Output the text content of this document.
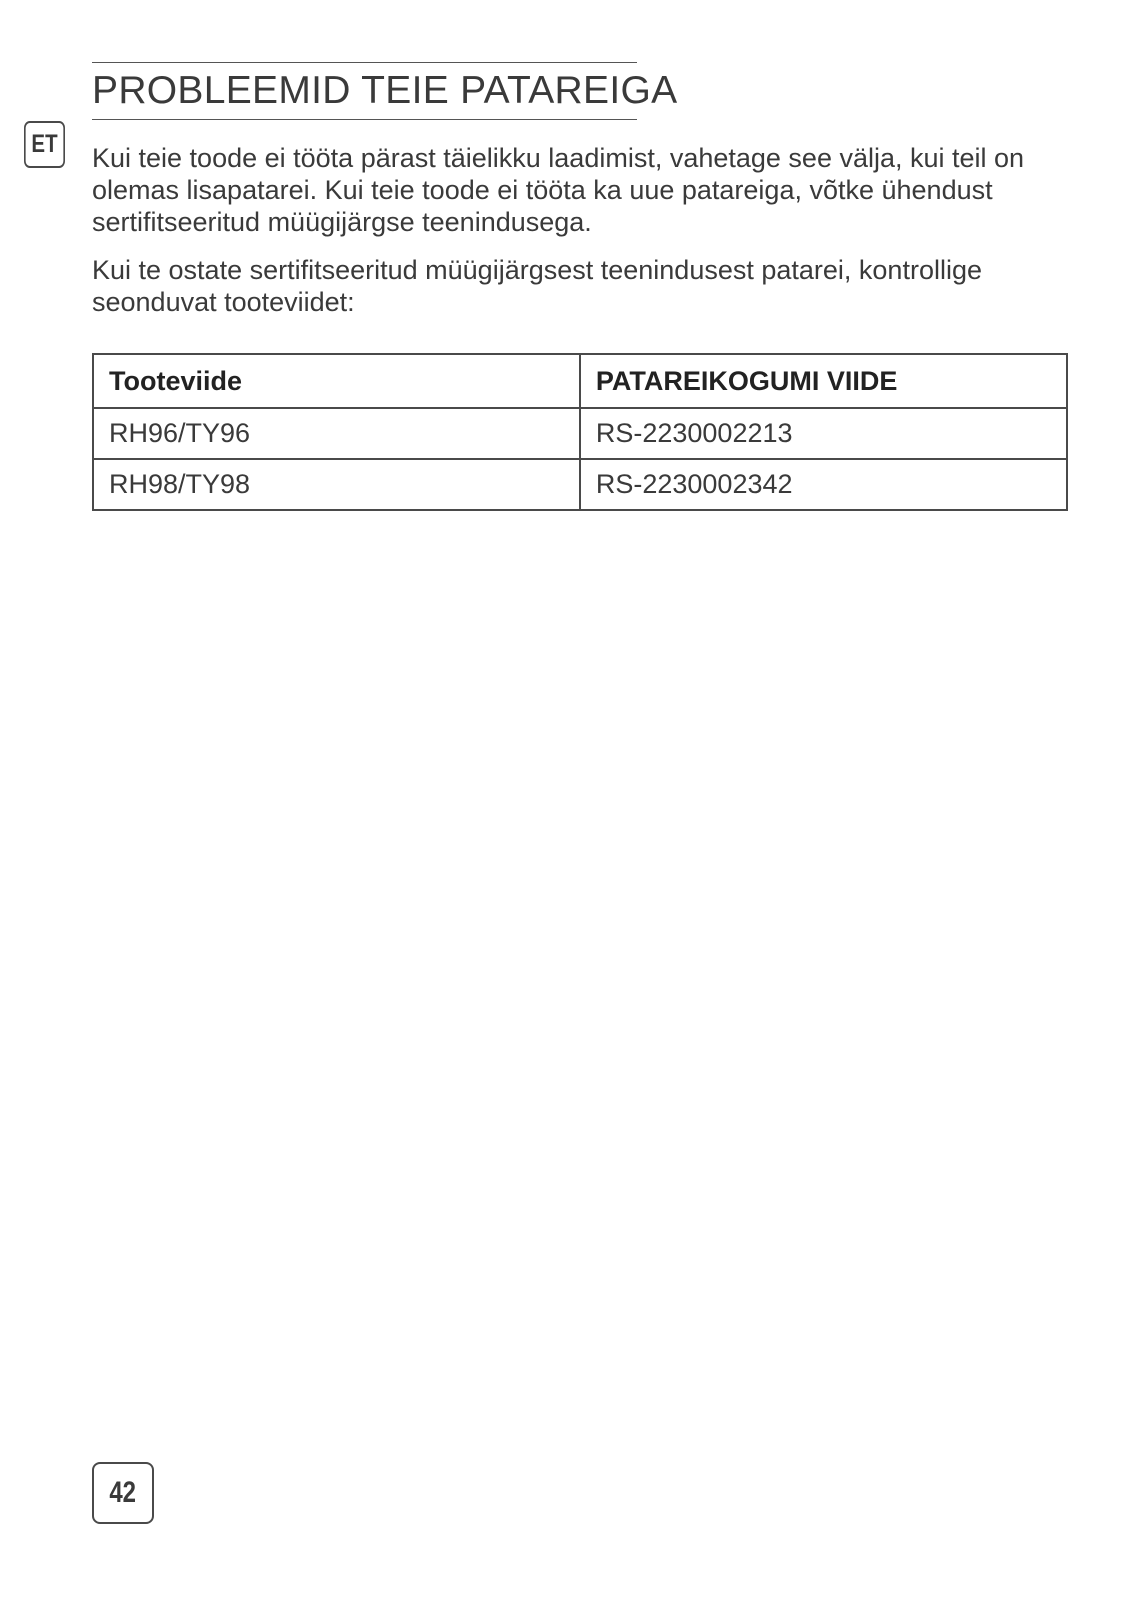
ET
PROBLEEMID TEIE PATAREIGA

Kui teie toode ei tööta pärast täielikku laadimist, vahetage see välja, kui teil on olemas lisapatarei. Kui teie toode ei tööta ka uue patareiga, võtke ühendust sertifitseeritud müügijärgse teenindusega.

Kui te ostate sertifitseeritud müügijärgsest teenindusest patarei, kontrollige seonduvat tooteviidet:

Tooteviide	PATAREIKOGUMI VIIDE
RH96/TY96	RS-2230002213
RH98/TY98	RS-2230002342
42
